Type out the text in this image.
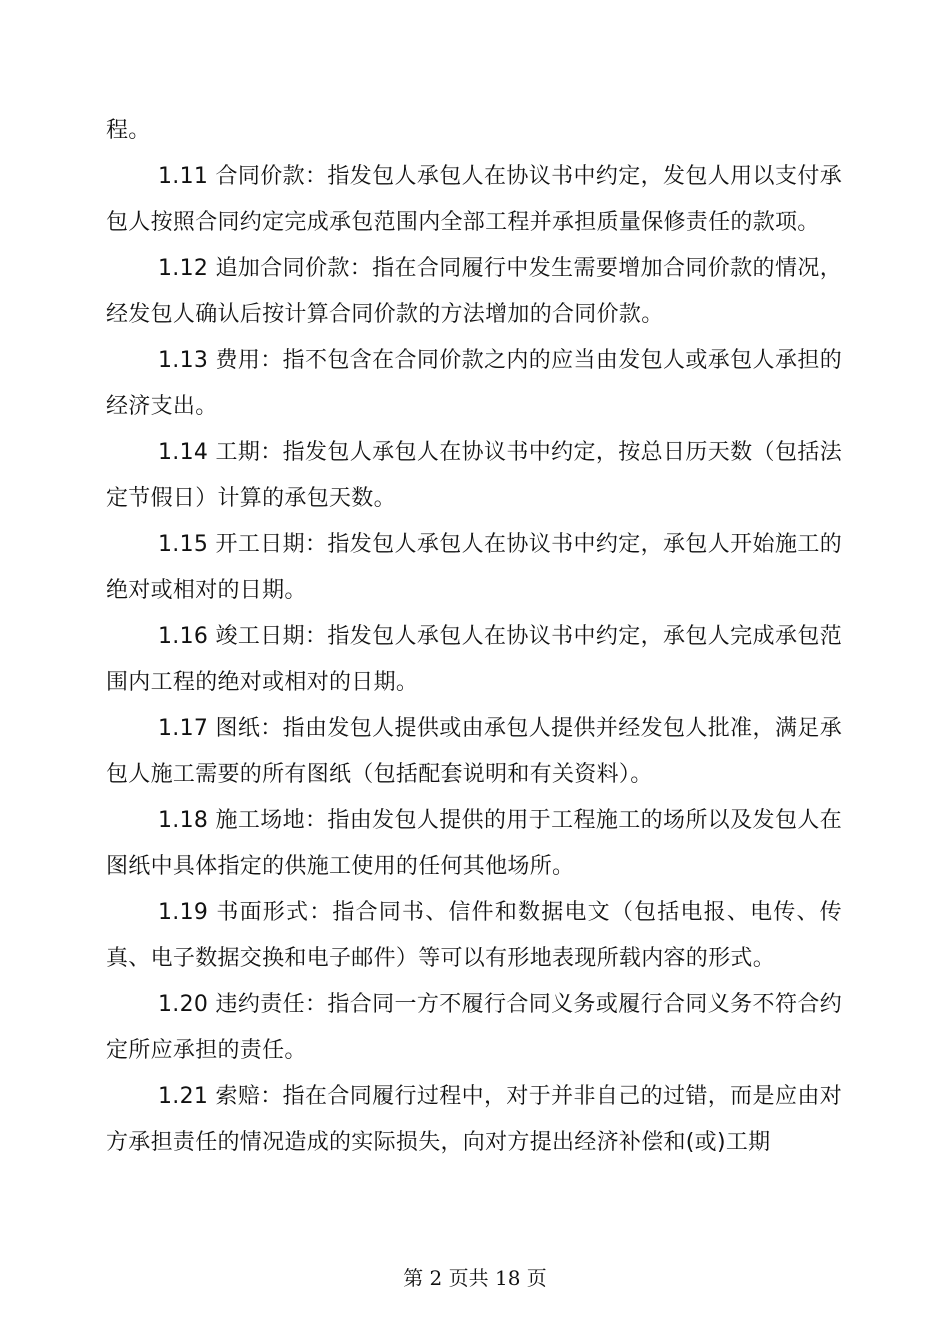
程。

1.11 合同价款：指发包人承包人在协议书中约定，发包人用以支付承包人按照合同约定完成承包范围内全部工程并承担质量保修责任的款项。

1.12 追加合同价款：指在合同履行中发生需要增加合同价款的情况，经发包人确认后按计算合同价款的方法增加的合同价款。

1.13 费用：指不包含在合同价款之内的应当由发包人或承包人承担的经济支出。

1.14 工期：指发包人承包人在协议书中约定，按总日历天数（包括法定节假日）计算的承包天数。

1.15 开工日期：指发包人承包人在协议书中约定，承包人开始施工的绝对或相对的日期。

1.16 竣工日期：指发包人承包人在协议书中约定，承包人完成承包范围内工程的绝对或相对的日期。

1.17 图纸：指由发包人提供或由承包人提供并经发包人批准，满足承包人施工需要的所有图纸（包括配套说明和有关资料）。

1.18 施工场地：指由发包人提供的用于工程施工的场所以及发包人在图纸中具体指定的供施工使用的任何其他场所。

1.19 书面形式：指合同书、信件和数据电文（包括电报、电传、传真、电子数据交换和电子邮件）等可以有形地表现所载内容的形式。

1.20 违约责任：指合同一方不履行合同义务或履行合同义务不符合约定所应承担的责任。

1.21 索赔：指在合同履行过程中，对于并非自己的过错，而是应由对方承担责任的情况造成的实际损失，向对方提出经济补偿和(或)工期

第 2 页共 18 页
